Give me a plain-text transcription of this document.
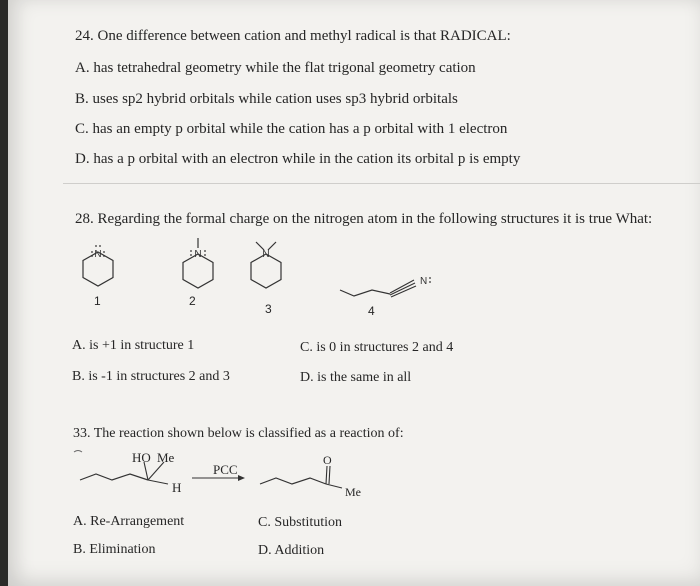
24. One difference between cation and methyl radical is that RADICAL:
A. has tetrahedral geometry while the flat trigonal geometry cation
B. uses sp2 hybrid orbitals while cation uses sp3 hybrid orbitals
C. has an empty p orbital while the cation has a p orbital with 1 electron
D. has a p orbital with an electron while in the cation its orbital p is empty
28. Regarding the formal charge on the nitrogen atom in the following structures it is true What:
N
1
N
2
N
3
N
4
A. is +1 in structure 1	C. is 0 in structures 2 and 4
B. is -1 in structures 2 and 3	D. is the same in all
33. The reaction shown below is classified as a reaction of:
HO Me
H
PCC
O
Me
A. Re-Arrangement	C. Substitution
B. Elimination	D. Addition
